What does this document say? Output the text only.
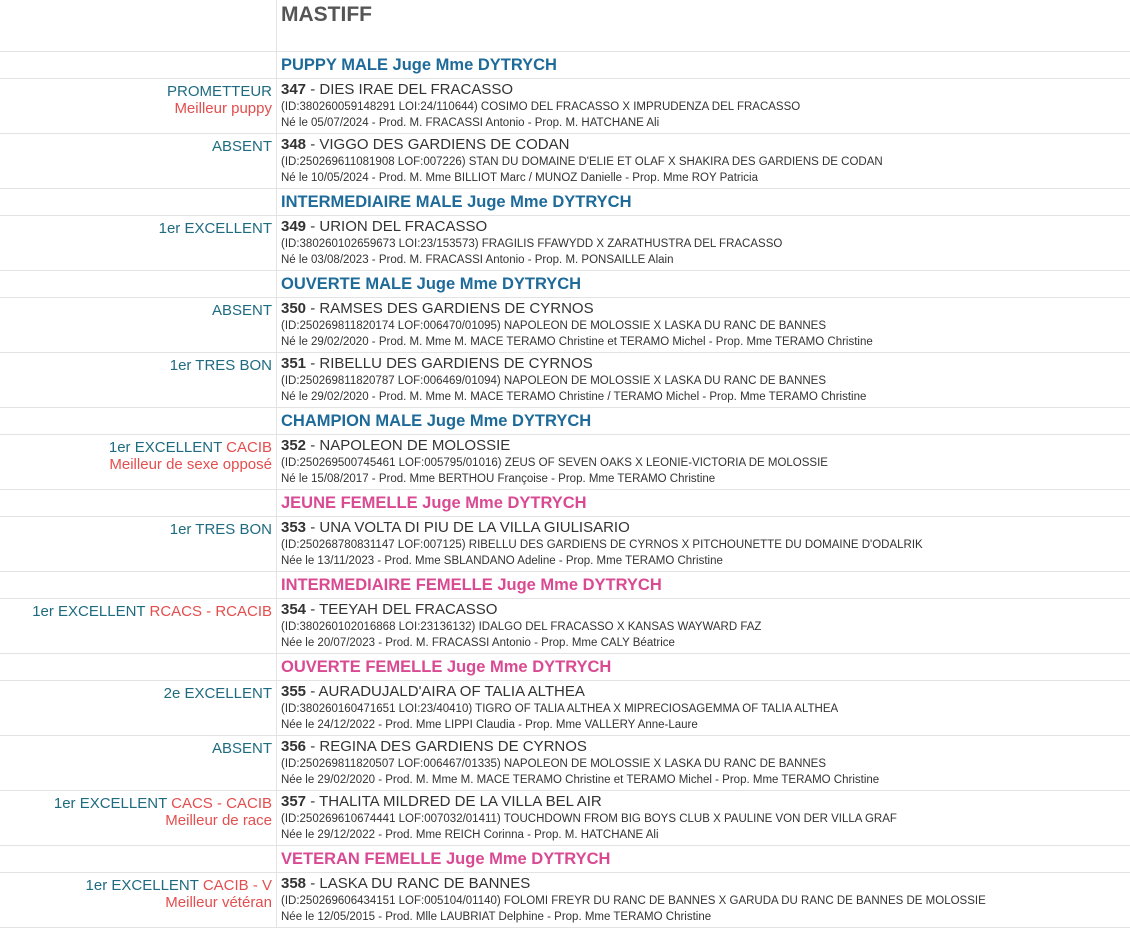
MASTIFF
PUPPY MALE Juge Mme DYTRYCH
PROMETTEUR
Meilleur puppy
347 - DIES IRAE DEL FRACASSO
(ID:380260059148291 LOI:24/110644) COSIMO DEL FRACASSO X IMPRUDENZA DEL FRACASSO
Né le 05/07/2024 - Prod. M. FRACASSI Antonio - Prop. M. HATCHANE Ali
ABSENT 348 - VIGGO DES GARDIENS DE CODAN
(ID:250269611081908 LOF:007226) STAN DU DOMAINE D'ELIE ET OLAF X SHAKIRA DES GARDIENS DE CODAN
Né le 10/05/2024 - Prod. M. Mme BILLIOT Marc / MUNOZ Danielle - Prop. Mme ROY Patricia
INTERMEDIAIRE MALE Juge Mme DYTRYCH
1er EXCELLENT 349 - URION DEL FRACASSO
(ID:380260102659673 LOI:23/153573) FRAGILIS FFAWYDD X ZARATHUSTRA DEL FRACASSO
Né le 03/08/2023 - Prod. M. FRACASSI Antonio - Prop. M. PONSAILLE Alain
OUVERTE MALE Juge Mme DYTRYCH
ABSENT 350 - RAMSES DES GARDIENS DE CYRNOS
(ID:250269811820174 LOF:006470/01095) NAPOLEON DE MOLOSSIE X LASKA DU RANC DE BANNES
Né le 29/02/2020 - Prod. M. Mme M. MACE TERAMO Christine et TERAMO Michel - Prop. Mme TERAMO Christine
1er TRES BON 351 - RIBELLU DES GARDIENS DE CYRNOS
(ID:250269811820787 LOF:006469/01094) NAPOLEON DE MOLOSSIE X LASKA DU RANC DE BANNES
Né le 29/02/2020 - Prod. M. Mme M. MACE TERAMO Christine / TERAMO Michel - Prop. Mme TERAMO Christine
CHAMPION MALE Juge Mme DYTRYCH
1er EXCELLENT CACIB
Meilleur de sexe opposé
352 - NAPOLEON DE MOLOSSIE
(ID:250269500745461 LOF:005795/01016) ZEUS OF SEVEN OAKS X LEONIE-VICTORIA DE MOLOSSIE
Né le 15/08/2017 - Prod. Mme BERTHOU Françoise - Prop. Mme TERAMO Christine
JEUNE FEMELLE Juge Mme DYTRYCH
1er TRES BON 353 - UNA VOLTA DI PIU DE LA VILLA GIULISARIO
(ID:250268780831147 LOF:007125) RIBELLU DES GARDIENS DE CYRNOS X PITCHOUNETTE DU DOMAINE D'ODALRIK
Née le 13/11/2023 - Prod. Mme SBLANDANO Adeline - Prop. Mme TERAMO Christine
INTERMEDIAIRE FEMELLE Juge Mme DYTRYCH
1er EXCELLENT RCACS - RCACIB 354 - TEEYAH DEL FRACASSO
(ID:380260102016868 LOI:23136132) IDALGO DEL FRACASSO X KANSAS WAYWARD FAZ
Née le 20/07/2023 - Prod. M. FRACASSI Antonio - Prop. Mme CALY Béatrice
OUVERTE FEMELLE Juge Mme DYTRYCH
2e EXCELLENT 355 - AURADUJALD'AIRA OF TALIA ALTHEA
(ID:380260160471651 LOI:23/40410) TIGRO OF TALIA ALTHEA X MIPRECIOSAGEMMA OF TALIA ALTHEA
Née le 24/12/2022 - Prod. Mme LIPPI Claudia - Prop. Mme VALLERY Anne-Laure
ABSENT 356 - REGINA DES GARDIENS DE CYRNOS
(ID:250269811820507 LOF:006467/01335) NAPOLEON DE MOLOSSIE X LASKA DU RANC DE BANNES
Née le 29/02/2020 - Prod. M. Mme M. MACE TERAMO Christine et TERAMO Michel - Prop. Mme TERAMO Christine
1er EXCELLENT CACS - CACIB
Meilleur de race
357 - THALITA MILDRED DE LA VILLA BEL AIR
(ID:250269610674441 LOF:007032/01411) TOUCHDOWN FROM BIG BOYS CLUB X PAULINE VON DER VILLA GRAF
Née le 29/12/2022 - Prod. Mme REICH Corinna - Prop. M. HATCHANE Ali
VETERAN FEMELLE Juge Mme DYTRYCH
1er EXCELLENT CACIB - V
Meilleur vétéran
358 - LASKA DU RANC DE BANNES
(ID:250269606434151 LOF:005104/01140) FOLOMI FREYR DU RANC DE BANNES X GARUDA DU RANC DE BANNES DE MOLOSSIE
Née le 12/05/2015 - Prod. Mlle LAUBRIAT Delphine - Prop. Mme TERAMO Christine
